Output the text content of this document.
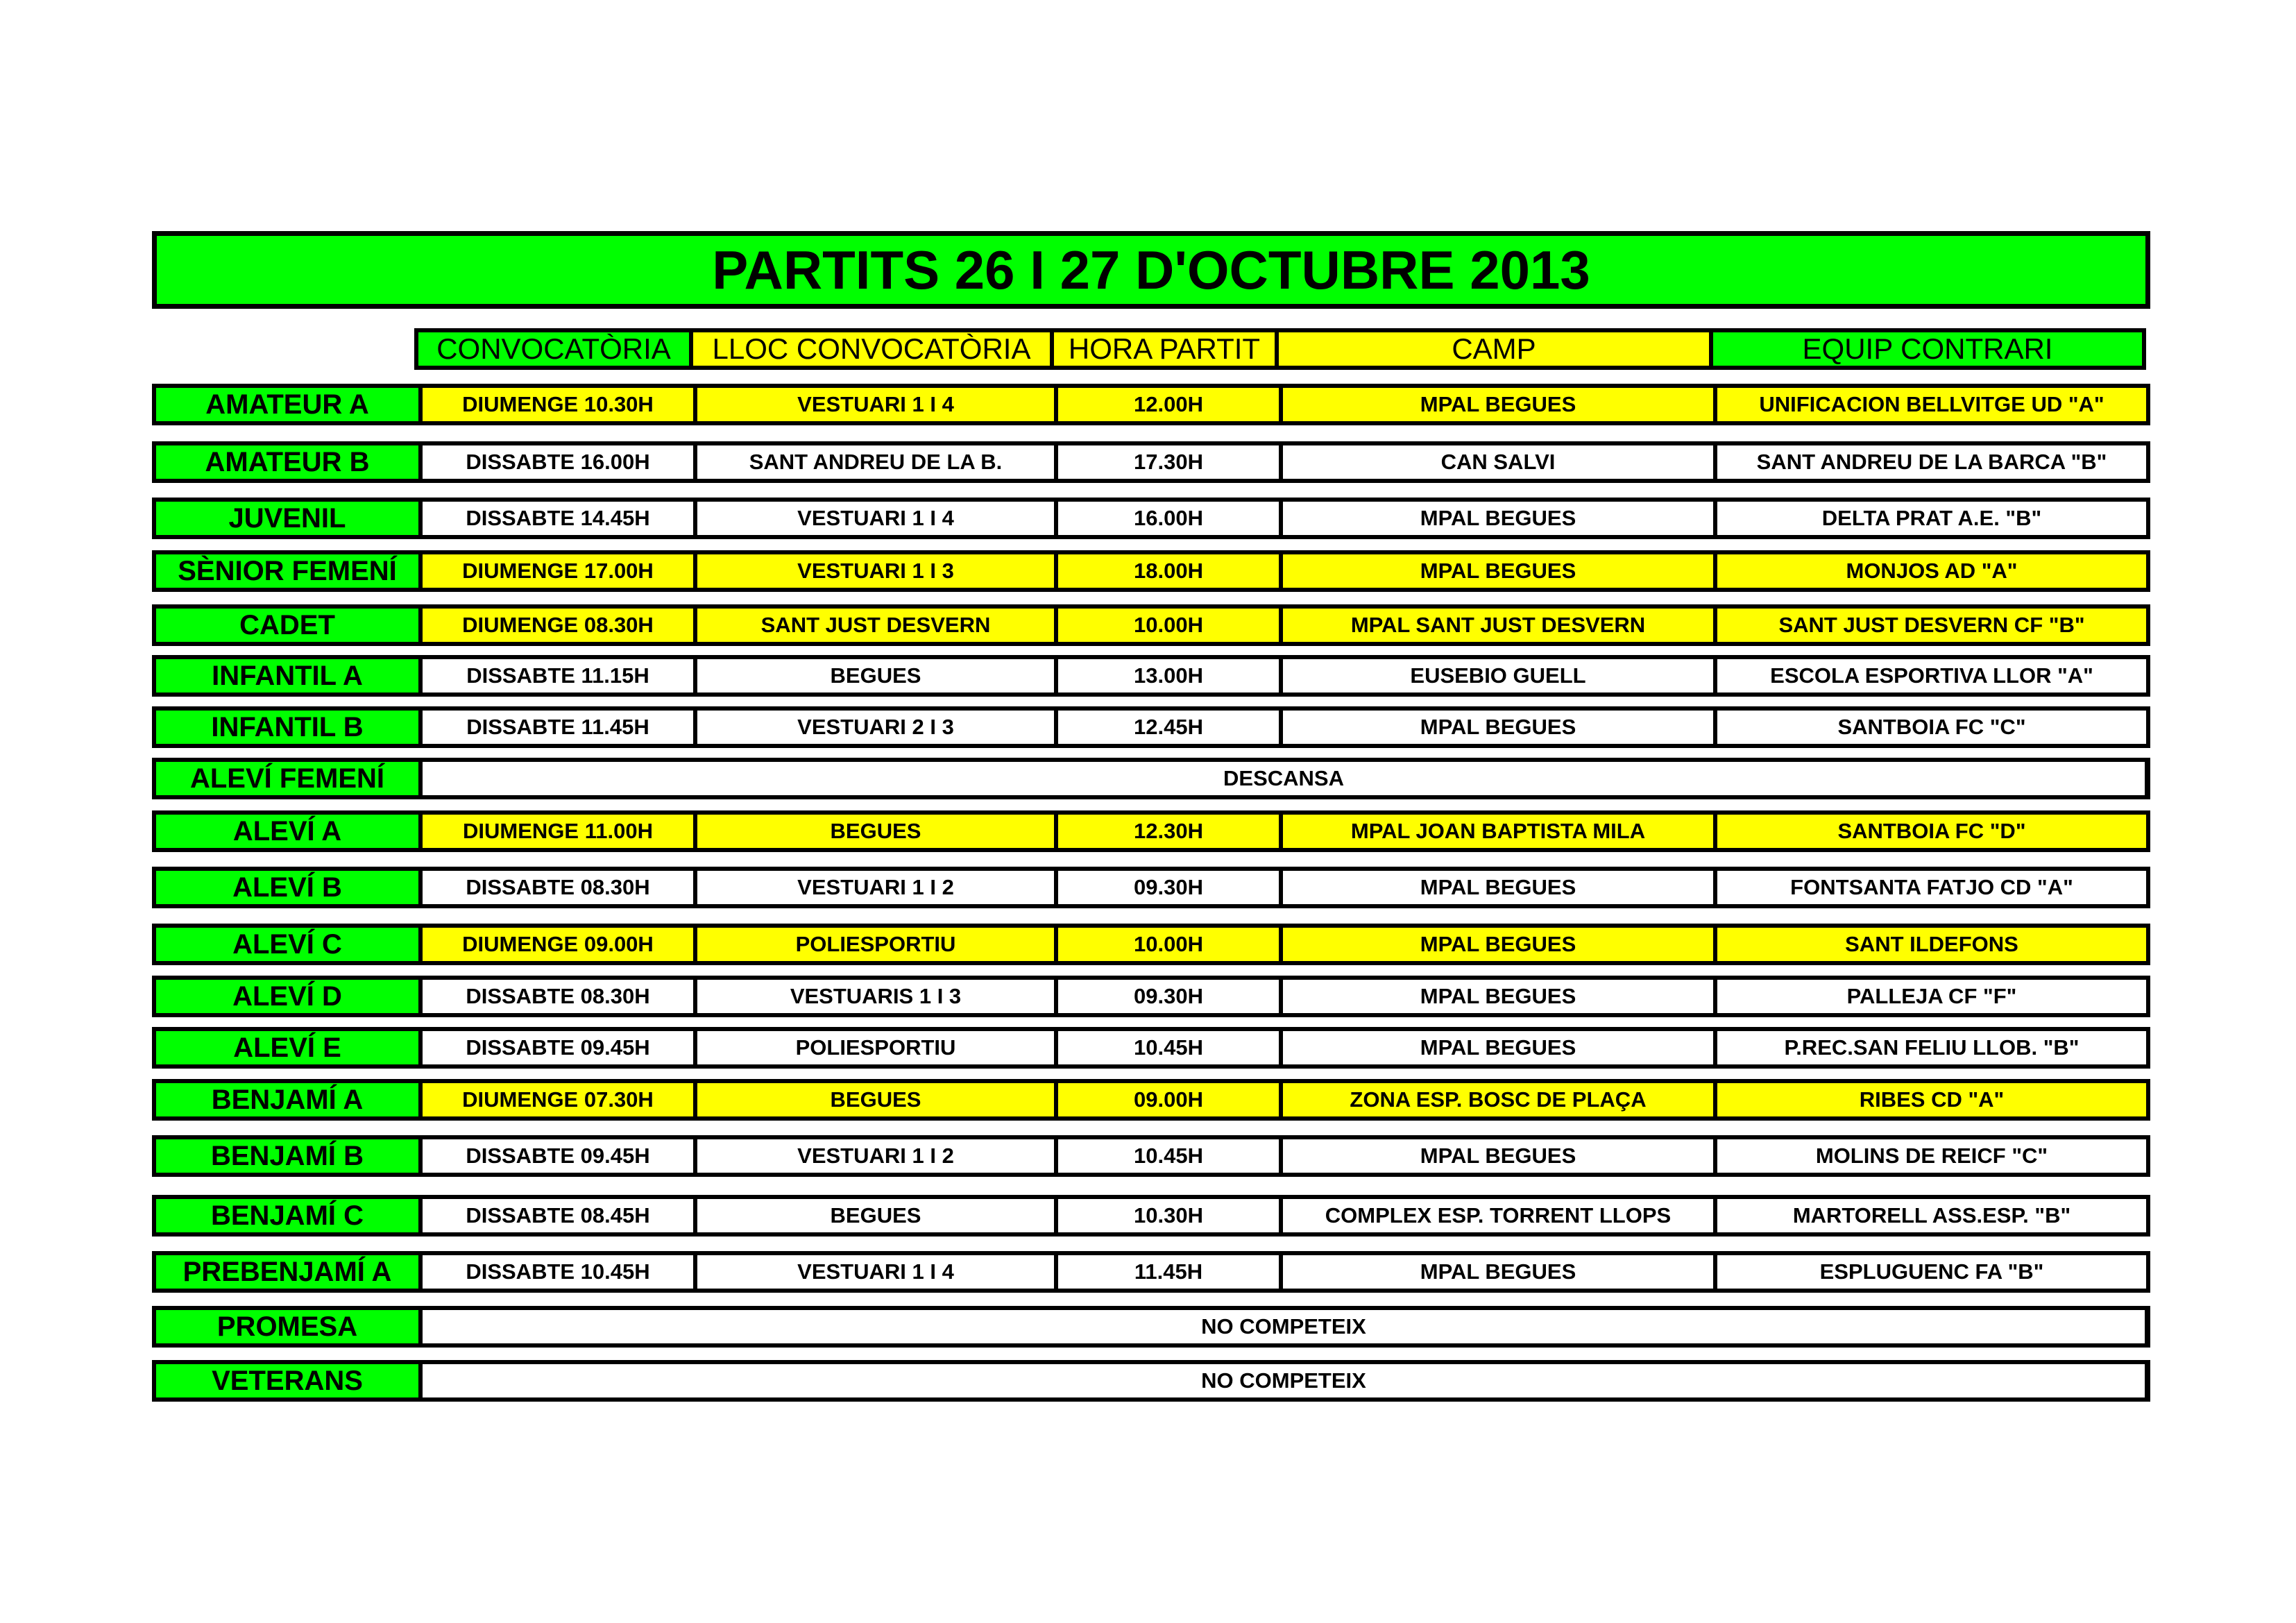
PARTITS 26 I 27 D'OCTUBRE 2013
CONVOCATÒRIA	LLOC CONVOCATÒRIA	HORA PARTIT	CAMP	EQUIP CONTRARI
AMATEUR A	DIUMENGE 10.30H	VESTUARI 1 I 4	12.00H	MPAL BEGUES	UNIFICACION BELLVITGE UD "A"
AMATEUR B	DISSABTE 16.00H	SANT ANDREU DE LA B.	17.30H	CAN SALVI	SANT ANDREU DE LA BARCA "B"
JUVENIL	DISSABTE 14.45H	VESTUARI 1 I 4	16.00H	MPAL BEGUES	DELTA PRAT A.E. "B"
SÈNIOR FEMENÍ	DIUMENGE 17.00H	VESTUARI 1 I 3	18.00H	MPAL BEGUES	MONJOS AD "A"
CADET	DIUMENGE 08.30H	SANT JUST DESVERN	10.00H	MPAL SANT JUST DESVERN	SANT JUST DESVERN CF "B"
INFANTIL A	DISSABTE 11.15H	BEGUES	13.00H	EUSEBIO GUELL	ESCOLA ESPORTIVA LLOR "A"
INFANTIL B	DISSABTE 11.45H	VESTUARI 2 I 3	12.45H	MPAL BEGUES	SANTBOIA FC "C"
ALEVÍ FEMENÍ	DESCANSA
ALEVÍ A	DIUMENGE 11.00H	BEGUES	12.30H	MPAL JOAN BAPTISTA MILA	SANTBOIA FC "D"
ALEVÍ B	DISSABTE 08.30H	VESTUARI 1 I 2	09.30H	MPAL BEGUES	FONTSANTA FATJO CD "A"
ALEVÍ C	DIUMENGE 09.00H	POLIESPORTIU	10.00H	MPAL BEGUES	SANT ILDEFONS
ALEVÍ D	DISSABTE 08.30H	VESTUARIS 1 I 3	09.30H	MPAL BEGUES	PALLEJA CF "F"
ALEVÍ E	DISSABTE 09.45H	POLIESPORTIU	10.45H	MPAL BEGUES	P.REC.SAN FELIU LLOB. "B"
BENJAMÍ A	DIUMENGE 07.30H	BEGUES	09.00H	ZONA ESP. BOSC DE PLAÇA	RIBES CD "A"
BENJAMÍ B	DISSABTE 09.45H	VESTUARI 1 I 2	10.45H	MPAL BEGUES	MOLINS DE REICF "C"
BENJAMÍ C	DISSABTE 08.45H	BEGUES	10.30H	COMPLEX ESP. TORRENT LLOPS	MARTORELL ASS.ESP. "B"
PREBENJAMÍ A	DISSABTE 10.45H	VESTUARI 1 I 4	11.45H	MPAL BEGUES	ESPLUGUENC FA "B"
PROMESA	NO COMPETEIX
VETERANS	NO COMPETEIX
